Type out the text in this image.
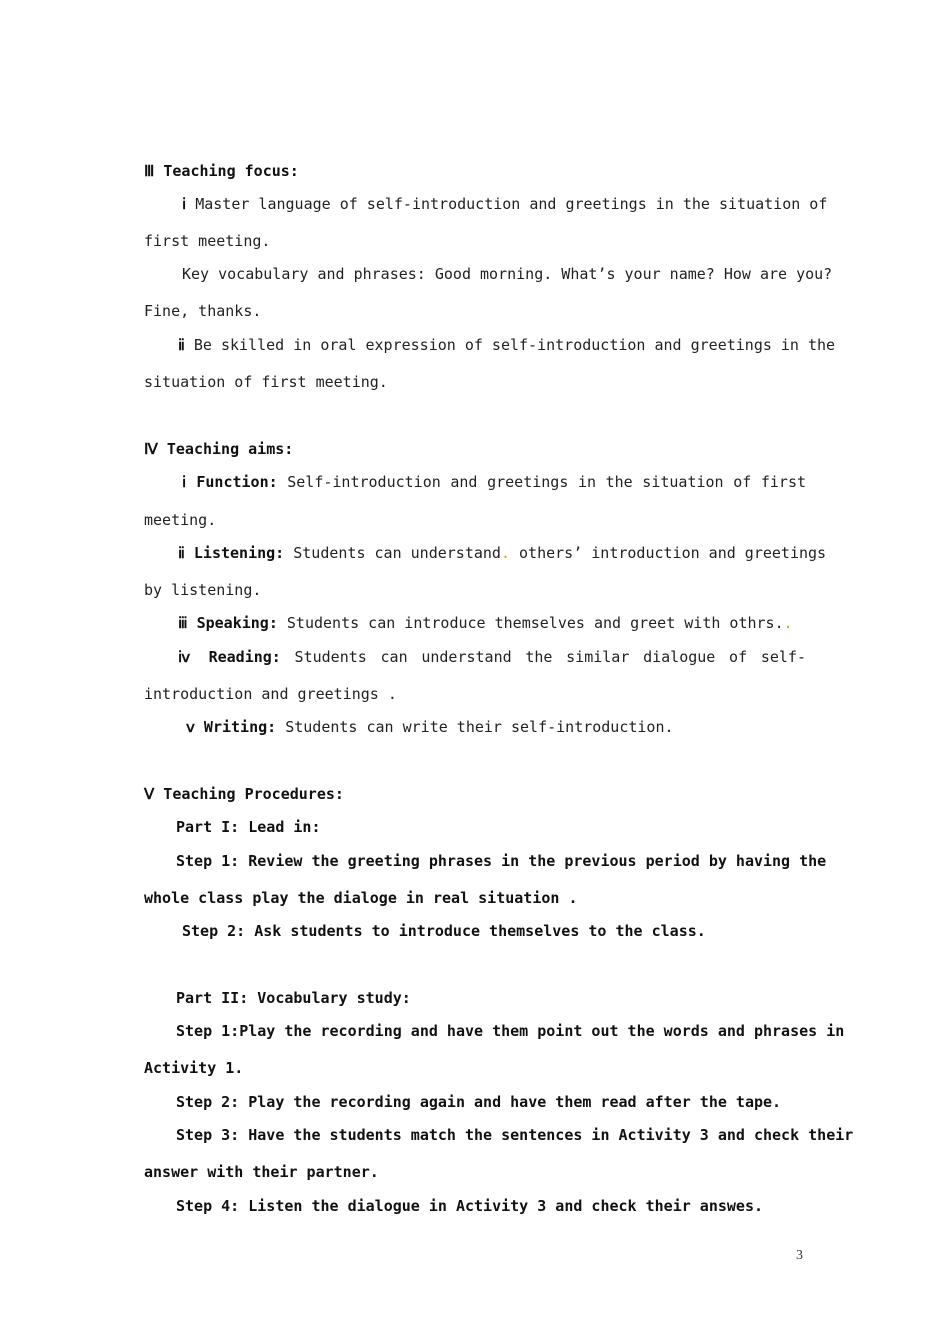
Ⅲ Teaching focus:
ⅰ Master language of self-introduction and greetings in the situation of
first meeting.
Key vocabulary and phrases: Good morning. What’s your name? How are you?
Fine, thanks.
ⅱ Be skilled in oral expression of self-introduction and greetings in the
situation of first meeting.
Ⅳ Teaching aims:
ⅰ Function: Self-introduction and greetings in the situation of first
meeting.
ⅱ Listening: Students can understand. others’ introduction and greetings
by listening.
ⅲ Speaking: Students can introduce themselves and greet with othrs..
ⅳ Reading: Students can understand the similar dialogue of self-
introduction and greetings .
ⅴ Writing: Students can write their self-introduction.
Ⅴ Teaching Procedures:
Part I: Lead in:
Step 1: Review the greeting phrases in the previous period by having the
whole class play the dialoge in real situation .
Step 2: Ask students to introduce themselves to the class.
Part II: Vocabulary study:
Step 1:Play the recording and have them point out the words and phrases in
Activity 1.
Step 2: Play the recording again and have them read after the tape.
Step 3: Have the students match the sentences in Activity 3 and check their
answer with their partner.
Step 4: Listen the dialogue in Activity 3 and check their answes.
3
